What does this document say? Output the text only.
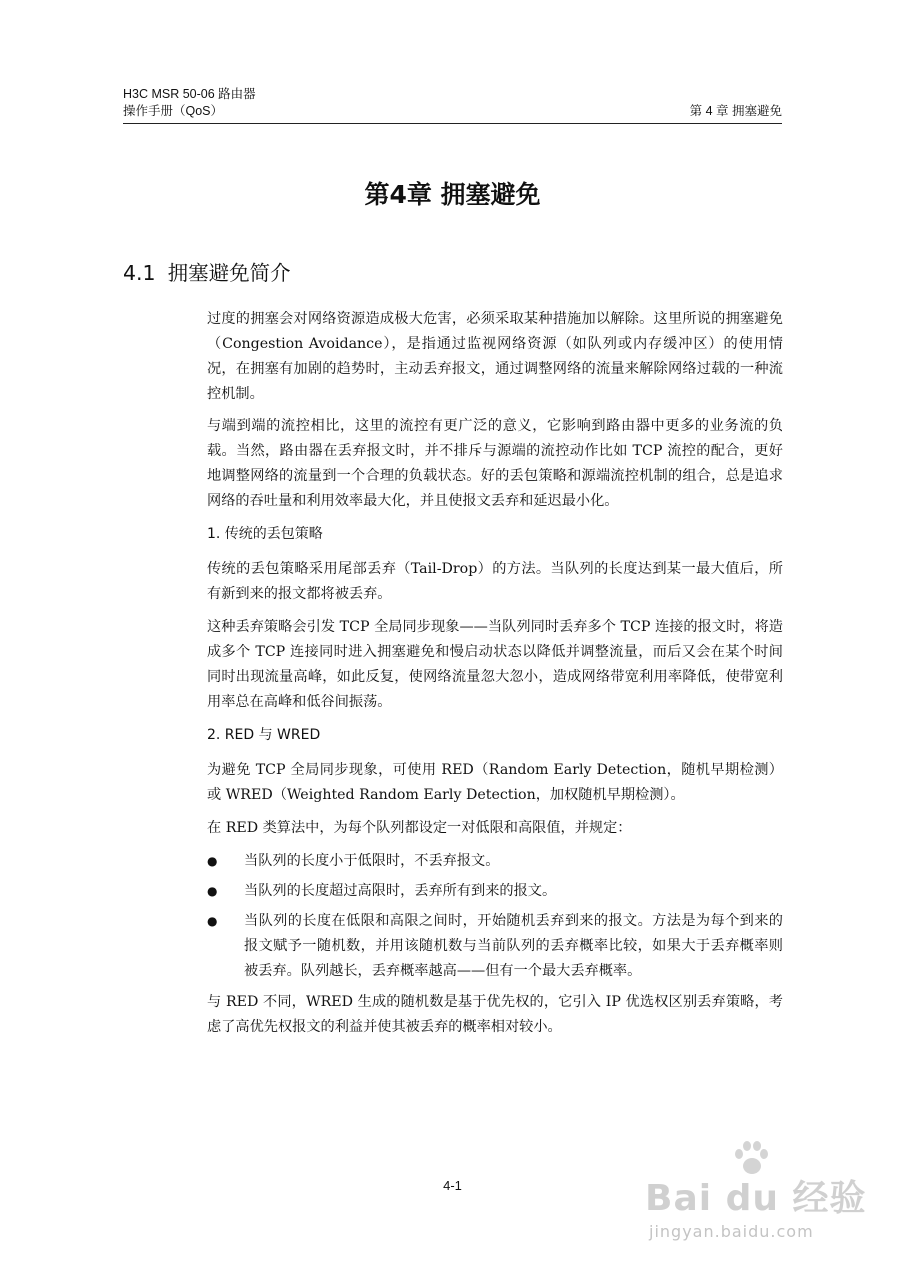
H3C MSR 50-06 路由器
操作手册（QoS）	第 4 章 拥塞避免
第4章 拥塞避免
4.1 拥塞避免简介

过度的拥塞会对网络资源造成极大危害，必须采取某种措施加以解除。这里所说的拥塞避免（Congestion Avoidance），是指通过监视网络资源（如队列或内存缓冲区）的使用情况，在拥塞有加剧的趋势时，主动丢弃报文，通过调整网络的流量来解除网络过载的一种流控机制。

与端到端的流控相比，这里的流控有更广泛的意义，它影响到路由器中更多的业务流的负载。当然，路由器在丢弃报文时，并不排斥与源端的流控动作比如 TCP 流控的配合，更好地调整网络的流量到一个合理的负载状态。好的丢包策略和源端流控机制的组合，总是追求网络的吞吐量和利用效率最大化，并且使报文丢弃和延迟最小化。

1. 传统的丢包策略

传统的丢包策略采用尾部丢弃（Tail-Drop）的方法。当队列的长度达到某一最大值后，所有新到来的报文都将被丢弃。

这种丢弃策略会引发 TCP 全局同步现象——当队列同时丢弃多个 TCP 连接的报文时，将造成多个 TCP 连接同时进入拥塞避免和慢启动状态以降低并调整流量，而后又会在某个时间同时出现流量高峰，如此反复，使网络流量忽大忽小，造成网络带宽利用率降低，使带宽利用率总在高峰和低谷间振荡。

2. RED 与 WRED

为避免 TCP 全局同步现象，可使用 RED（Random Early Detection，随机早期检测）或 WRED（Weighted Random Early Detection，加权随机早期检测）。

在 RED 类算法中，为每个队列都设定一对低限和高限值，并规定：

● 当队列的长度小于低限时，不丢弃报文。
● 当队列的长度超过高限时，丢弃所有到来的报文。
● 当队列的长度在低限和高限之间时，开始随机丢弃到来的报文。方法是为每个到来的报文赋予一随机数，并用该随机数与当前队列的丢弃概率比较，如果大于丢弃概率则被丢弃。队列越长，丢弃概率越高——但有一个最大丢弃概率。

与 RED 不同，WRED 生成的随机数是基于优先权的，它引入 IP 优选权区别丢弃策略，考虑了高优先权报文的利益并使其被丢弃的概率相对较小。

4-1	Bai du 经验
jingyan.baidu.com
